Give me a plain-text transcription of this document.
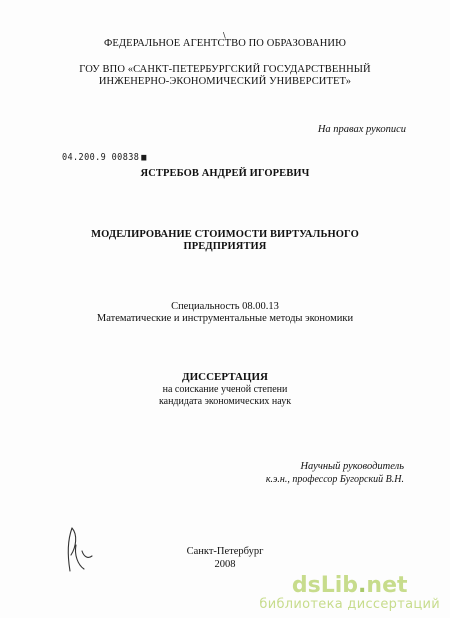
\
ФЕДЕРАЛЬНОЕ АГЕНТСТВО ПО ОБРАЗОВАНИЮ
ГОУ ВПО «САНКТ-ПЕТЕРБУРГСКИЙ ГОСУДАРСТВЕННЫЙ
ИНЖЕНЕРНО-ЭКОНОМИЧЕСКИЙ УНИВЕРСИТЕТ»
На правах рукописи
04.200.9 00838 ■
ЯСТРЕБОВ АНДРЕЙ ИГОРЕВИЧ
МОДЕЛИРОВАНИЕ СТОИМОСТИ ВИРТУАЛЬНОГО
ПРЕДПРИЯТИЯ
Специальность 08.00.13
Математические и инструментальные методы экономики
ДИССЕРТАЦИЯ
на соискание ученой степени
кандидата экономических наук
Научный руководитель
к.э.н., профессор Бугорский В.Н.
Санкт-Петербург
2008
dsLib.net
библиотека диссертаций
